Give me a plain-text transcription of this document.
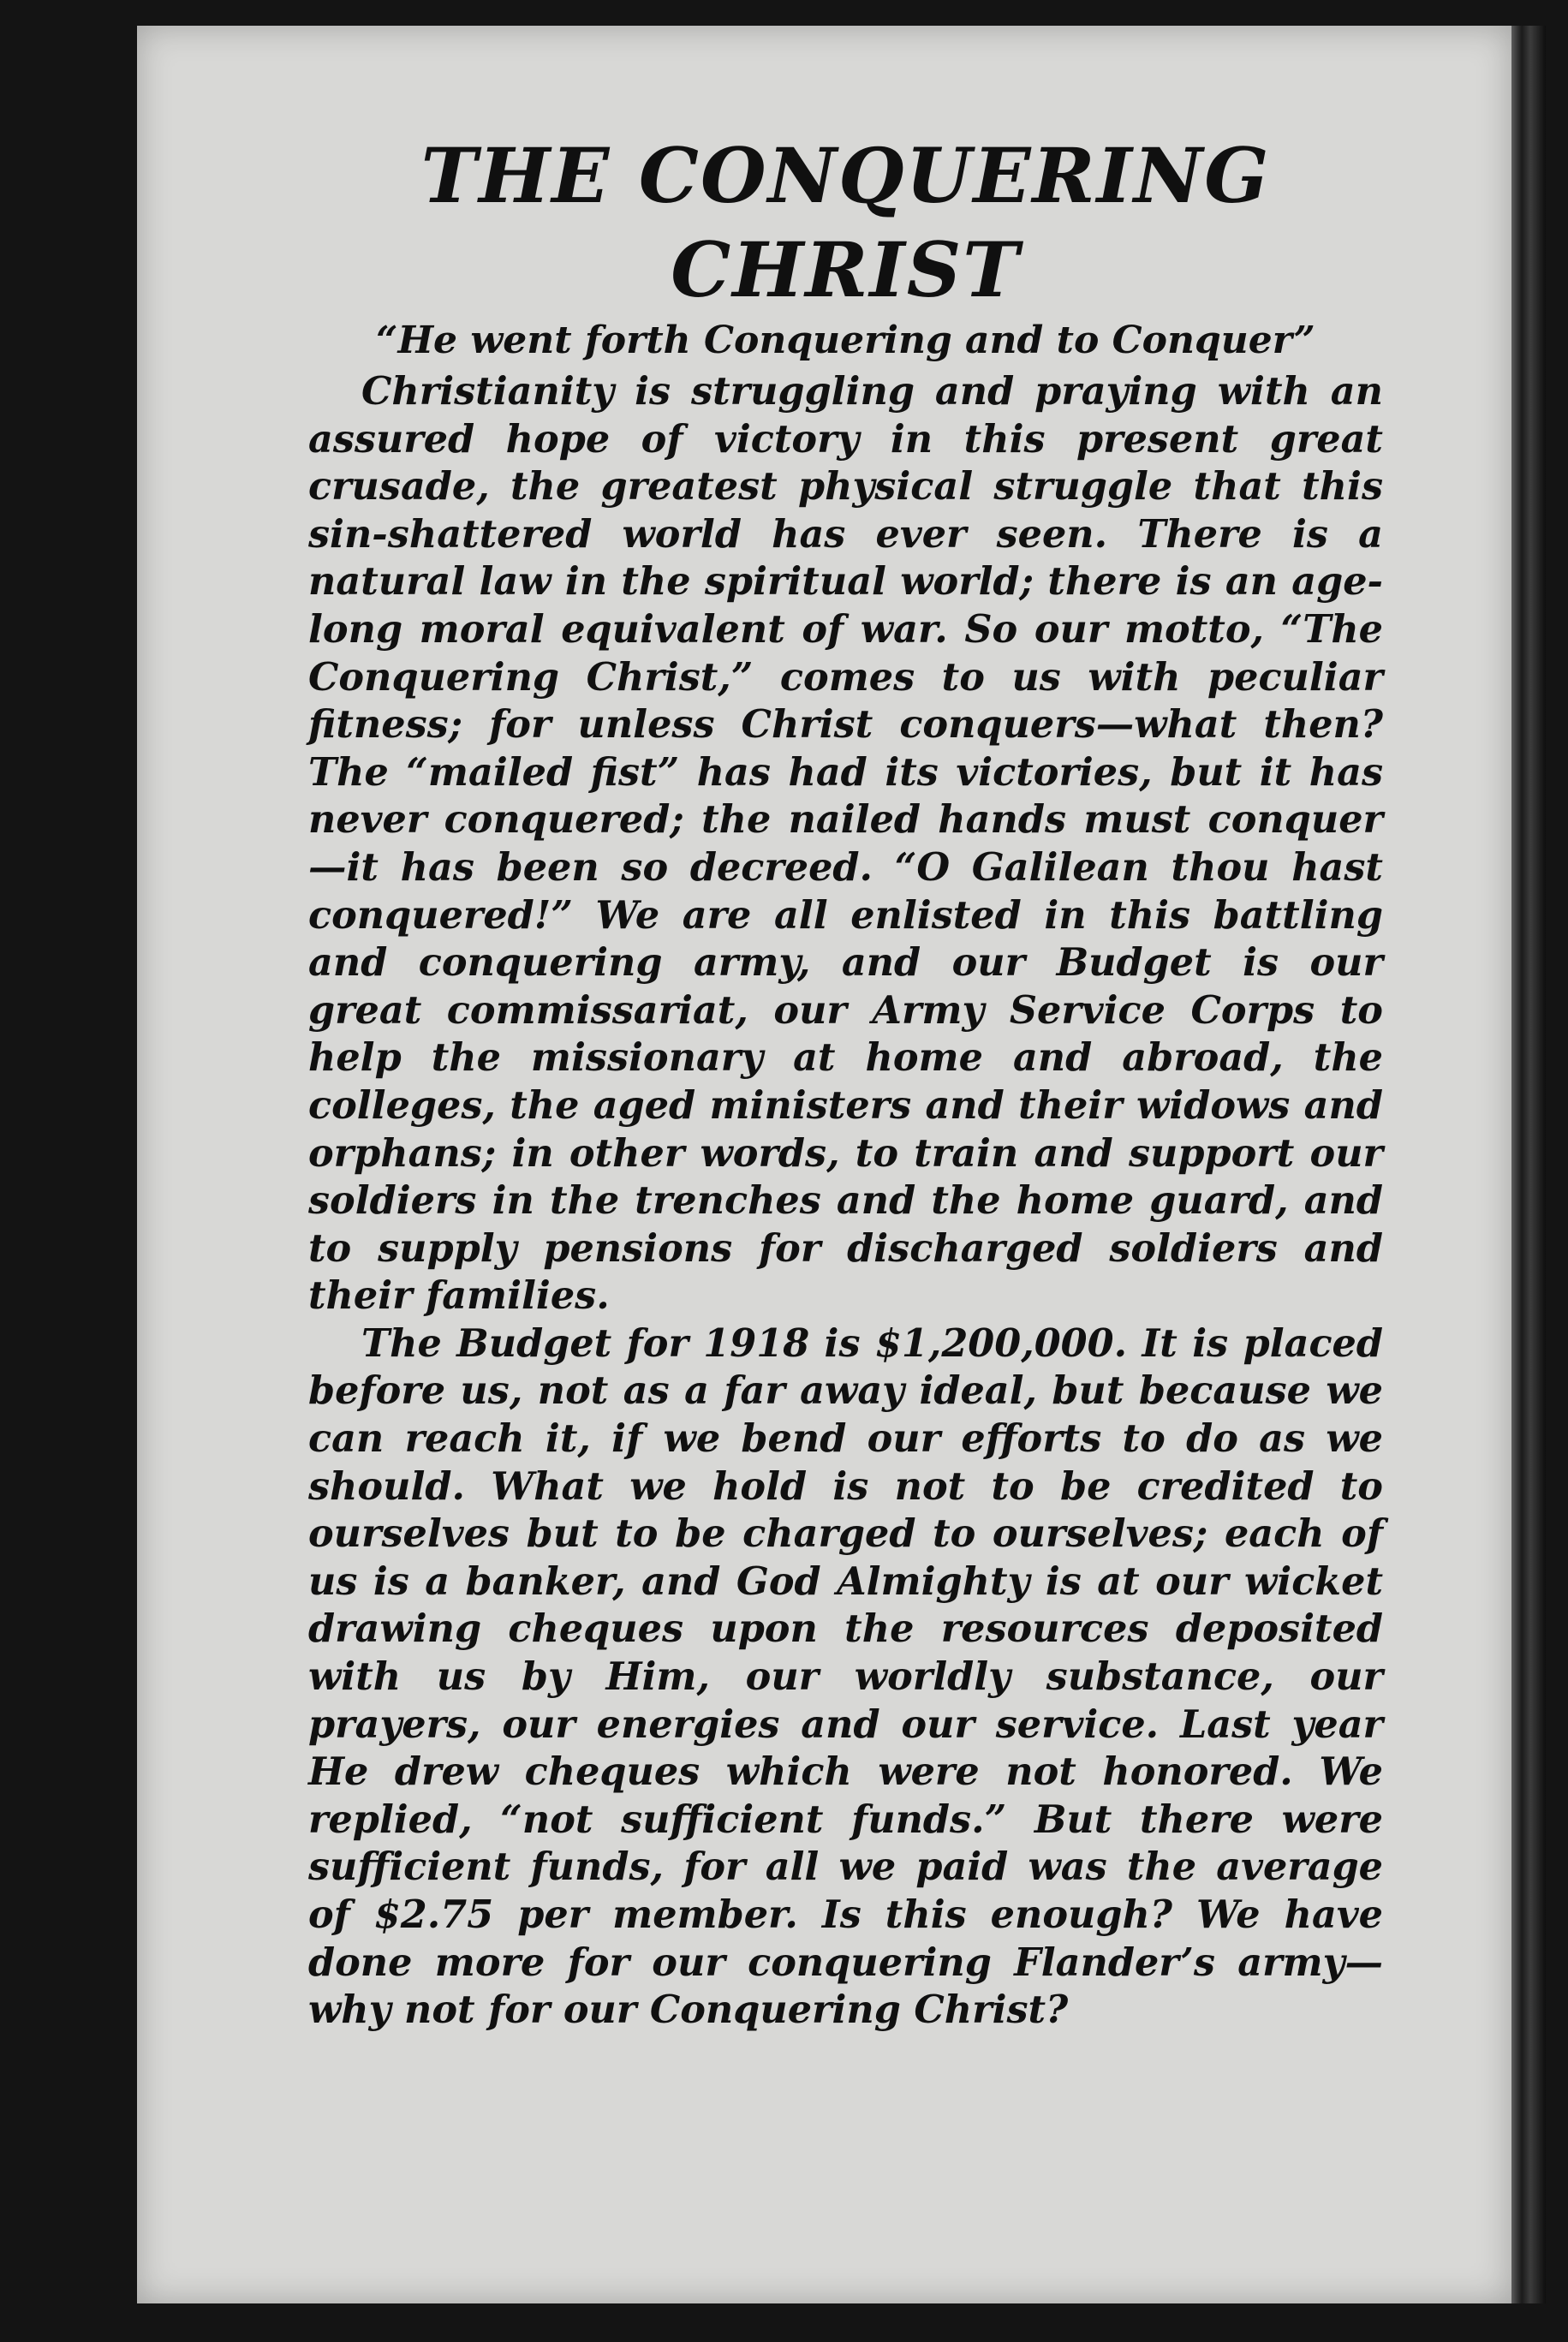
THE CONQUERING CHRIST

“He went forth Conquering and to Conquer”

Christianity is struggling and praying with an assured hope of victory in this present great crusade, the greatest physical struggle that this sin-shattered world has ever seen. There is a natural law in the spiritual world; there is an age-long moral equivalent of war. So our motto, “The Conquering Christ,” comes to us with peculiar fitness; for unless Christ conquers—what then? The “mailed fist” has had its victories, but it has never conquered; the nailed hands must conquer—it has been so decreed. “O Galilean thou hast conquered!” We are all enlisted in this battling and conquering army, and our Budget is our great commissariat, our Army Service Corps to help the missionary at home and abroad, the colleges, the aged ministers and their widows and orphans; in other words, to train and support our soldiers in the trenches and the home guard, and to supply pensions for discharged soldiers and their families.

The Budget for 1918 is $1,200,000. It is placed before us, not as a far away ideal, but because we can reach it, if we bend our efforts to do as we should. What we hold is not to be credited to ourselves but to be charged to ourselves; each of us is a banker, and God Almighty is at our wicket drawing cheques upon the resources deposited with us by Him, our worldly substance, our prayers, our energies and our service. Last year He drew cheques which were not honored. We replied, “not sufficient funds.” But there were sufficient funds, for all we paid was the average of $2.75 per member. Is this enough? We have done more for our conquering Flander’s army—why not for our Conquering Christ?
